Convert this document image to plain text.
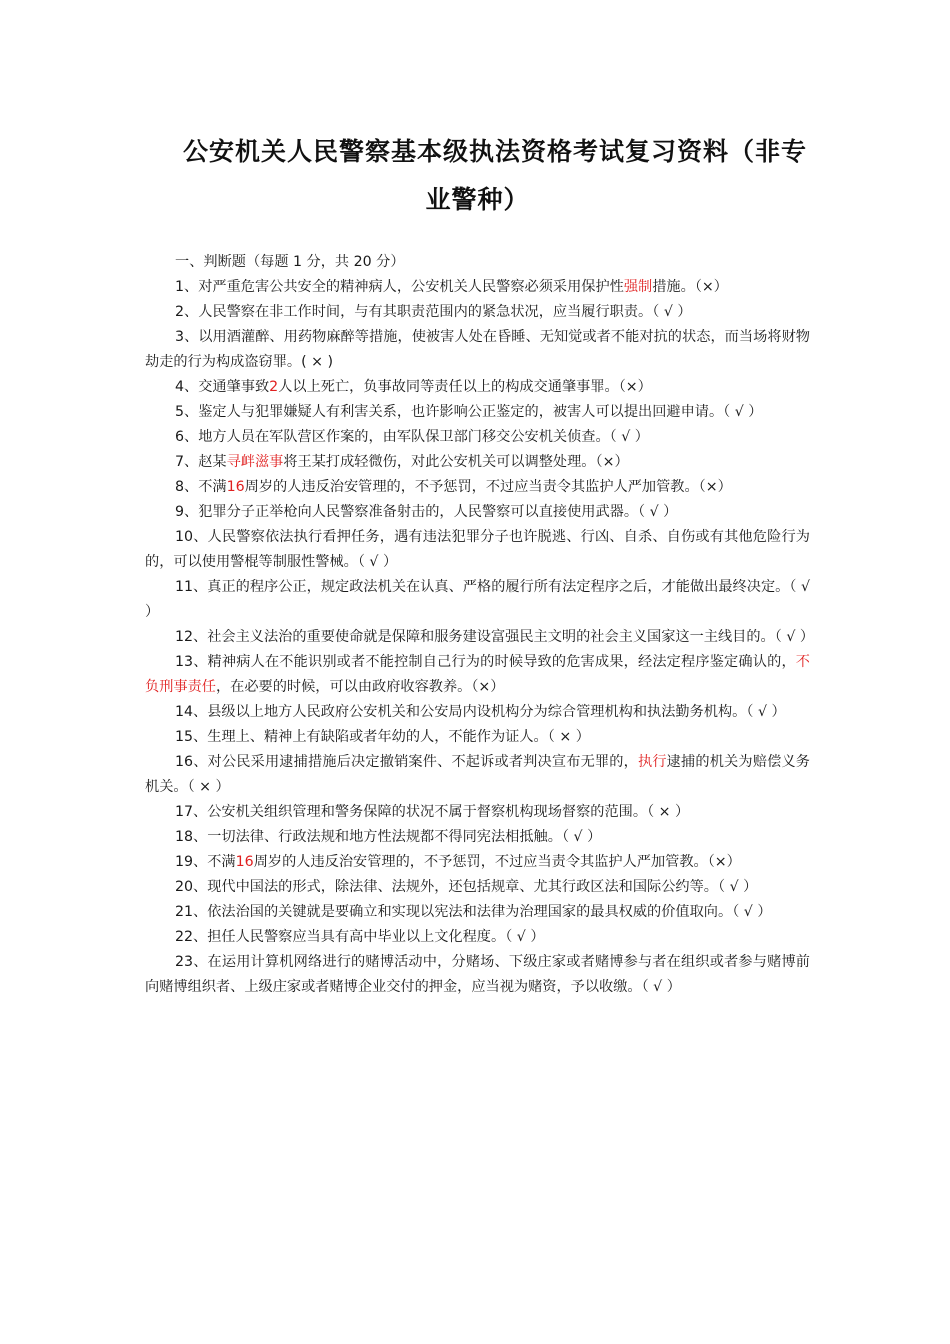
公安机关人民警察基本级执法资格考试复习资料（非专
业警种）

一、判断题（每题 1 分，共 20 分）

1、对严重危害公共安全的精神病人，公安机关人民警察必须采用保护性强制措施。（×）

2、人民警察在非工作时间，与有其职责范围内的紧急状况，应当履行职责。（ √ ）

3、以用酒灌醉、用药物麻醉等措施，使被害人处在昏睡、无知觉或者不能对抗的状态，而当场将财物劫走的行为构成盗窃罪。( × )

4、交通肇事致2人以上死亡，负事故同等责任以上的构成交通肇事罪。（×）

5、鉴定人与犯罪嫌疑人有利害关系，也许影响公正鉴定的，被害人可以提出回避申请。（ √ ）

6、地方人员在军队营区作案的，由军队保卫部门移交公安机关侦查。（ √ ）

7、赵某寻衅滋事将王某打成轻微伤，对此公安机关可以调整处理。（×）

8、不满16周岁的人违反治安管理的，不予惩罚，不过应当责令其监护人严加管教。（×）

9、犯罪分子正举枪向人民警察准备射击的，人民警察可以直接使用武器。（ √ ）

10、人民警察依法执行看押任务，遇有违法犯罪分子也许脱逃、行凶、自杀、自伤或有其他危险行为的，可以使用警棍等制服性警械。（ √ ）

11、真正的程序公正，规定政法机关在认真、严格的履行所有法定程序之后，才能做出最终决定。（ √ ）

12、社会主义法治的重要使命就是保障和服务建设富强民主文明的社会主义国家这一主线目的。（ √ ）

13、精神病人在不能识别或者不能控制自己行为的时候导致的危害成果，经法定程序鉴定确认的，不负刑事责任，在必要的时候，可以由政府收容教养。（×）

14、县级以上地方人民政府公安机关和公安局内设机构分为综合管理机构和执法勤务机构。（ √ ）

15、生理上、精神上有缺陷或者年幼的人，不能作为证人。（ × ）

16、对公民采用逮捕措施后决定撤销案件、不起诉或者判决宣布无罪的，执行逮捕的机关为赔偿义务机关。（ × ）

17、公安机关组织管理和警务保障的状况不属于督察机构现场督察的范围。（ × ）

18、一切法律、行政法规和地方性法规都不得同宪法相抵触。（ √ ）

19、不满16周岁的人违反治安管理的，不予惩罚，不过应当责令其监护人严加管教。（×）

20、现代中国法的形式，除法律、法规外，还包括规章、尤其行政区法和国际公约等。（ √ ）

21、依法治国的关键就是要确立和实现以宪法和法律为治理国家的最具权威的价值取向。（ √ ）

22、担任人民警察应当具有高中毕业以上文化程度。（ √ ）

23、在运用计算机网络进行的赌博活动中，分赌场、下级庄家或者赌博参与者在组织或者参与赌博前向赌博组织者、上级庄家或者赌博企业交付的押金，应当视为赌资，予以收缴。（ √ ）
